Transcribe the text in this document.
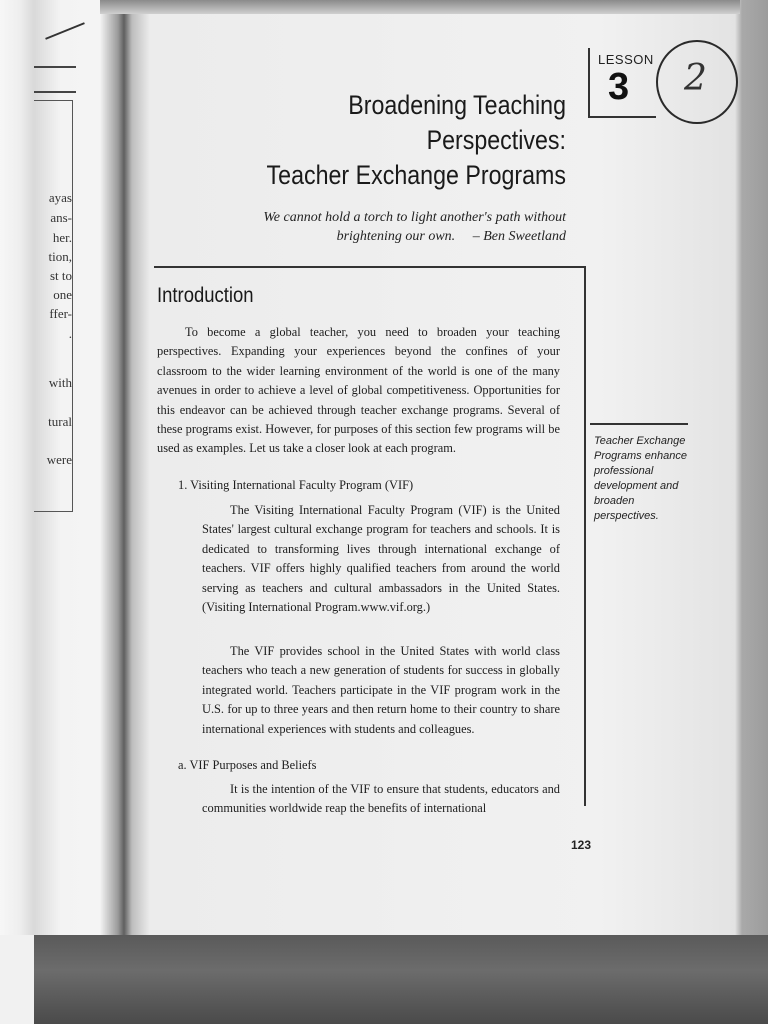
ayas
ans-
her.
tion,
st to
one
ffer-
.
with
tural
were
LESSON
3 2
Broadening Teaching
Perspectives:
Teacher Exchange Programs
We cannot hold a torch to light another's path without
brightening our own. – Ben Sweetland
Introduction
To become a global teacher, you need to broaden your teaching perspectives. Expanding your experiences beyond the confines of your classroom to the wider learning environment of the world is one of the many avenues in order to achieve a level of global competitiveness. Opportunities for this endeavor can be achieved through teacher exchange programs. Several of these programs exist. However, for purposes of this section few programs will be used as examples. Let us take a closer look at each program.
1. Visiting International Faculty Program (VIF)
The Visiting International Faculty Program (VIF) is the United States' largest cultural exchange program for teachers and schools. It is dedicated to transforming lives through international exchange of teachers. VIF offers highly qualified teachers from around the world serving as teachers and cultural ambassadors in the United States. (Visiting International Program.www.vif.org.)
The VIF provides school in the United States with world class teachers who teach a new generation of students for success in globally integrated world. Teachers participate in the VIF program work in the U.S. for up to three years and then return home to their country to share international experiences with students and colleagues.
a. VIF Purposes and Beliefs
It is the intention of the VIF to ensure that students, educators and communities worldwide reap the benefits of international
Teacher Exchange Programs enhance professional development and broaden perspectives.
123
